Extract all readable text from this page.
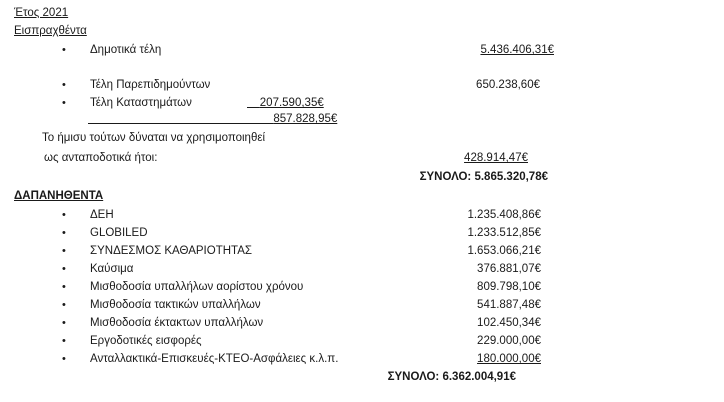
Έτος 2021
Εισπραχθέντα
• Δημοτικά τέλη	5.436.406,31€
• Τέλη Παρεπιδημούντων	650.238,60€
• Τέλη Καταστημάτων	207.590,35€
857.828,95€
Το ήμισυ τούτων δύναται να χρησιμοποιηθεί
ως ανταποδοτικά ήτοι:	428.914,47€
ΣΥΝΟΛΟ: 5.865.320,78€
ΔΑΠΑΝΗΘΕΝΤΑ
• ΔΕΗ	1.235.408,86€
• GLOBILED	1.233.512,85€
• ΣΥΝΔΕΣΜΟΣ ΚΑΘΑΡΙΟΤΗΤΑΣ	1.653.066,21€
• Καύσιμα	376.881,07€
• Μισθοδοσία υπαλλήλων αορίστου χρόνου	809.798,10€
• Μισθοδοσία τακτικών υπαλλήλων	541.887,48€
• Μισθοδοσία έκτακτων υπαλλήλων	102.450,34€
• Εργοδοτικές εισφορές	229.000,00€
• Ανταλλακτικά-Επισκευές-ΚΤΕΟ-Ασφάλειες κ.λ.π.	180.000,00€
ΣΥΝΟΛΟ: 6.362.004,91€
